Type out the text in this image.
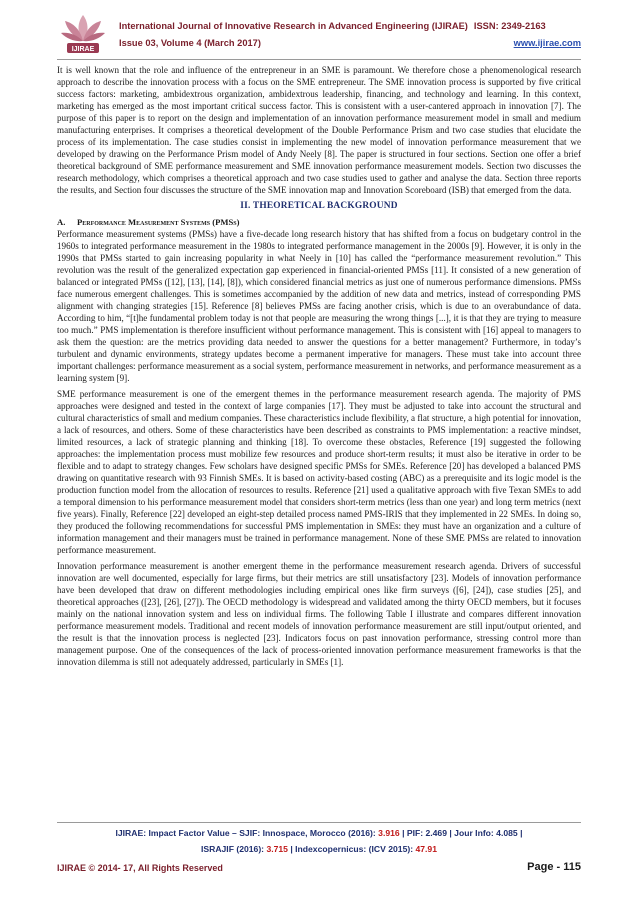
IJIRAE
International Journal of Innovative Research in Advanced Engineering (IJIRAE) ISSN: 2349-2163
Issue 03, Volume 4 (March 2017)	www.ijirae.com

It is well known that the role and influence of the entrepreneur in an SME is paramount. We therefore chose a phenomenological research approach to describe the innovation process with a focus on the SME entrepreneur. The SME innovation process is supported by five critical success factors: marketing, ambidextrous organization, ambidextrous leadership, financing, and technology and learning. In this context, marketing has emerged as the most important critical success factor. This is consistent with a user-cantered approach in innovation [7]. The purpose of this paper is to report on the design and implementation of an innovation performance measurement model in small and medium manufacturing enterprises. It comprises a theoretical development of the Double Performance Prism and two case studies that elucidate the process of its implementation. The case studies consist in implementing the new model of innovation performance measurement that we developed by drawing on the Performance Prism model of Andy Neely [8]. The paper is structured in four sections. Section one offer a brief theoretical background of SME performance measurement and SME innovation performance measurement models. Section two discusses the research methodology, which comprises a theoretical approach and two case studies used to gather and analyse the data. Section three reports the results, and Section four discusses the structure of the SME innovation map and Innovation Scoreboard (ISB) that emerged from the data.

II. THEORETICAL BACKGROUND
A. Performance Measurement Systems (PMSs)

Performance measurement systems (PMSs) have a five-decade long research history that has shifted from a focus on budgetary control in the 1960s to integrated performance measurement in the 1980s to integrated performance management in the 2000s [9]. However, it is only in the 1990s that PMSs started to gain increasing popularity in what Neely in [10] has called the “performance measurement revolution.” This revolution was the result of the generalized expectation gap experienced in financial-oriented PMSs [11]. It consisted of a new generation of balanced or integrated PMSs ([12], [13], [14], [8]), which considered financial metrics as just one of numerous performance dimensions. PMSs face numerous emergent challenges. This is sometimes accompanied by the addition of new data and metrics, instead of corresponding PMS alignment with changing strategies [15]. Reference [8] believes PMSs are facing another crisis, which is due to an overabundance of data. According to him, “[t]he fundamental problem today is not that people are measuring the wrong things [...], it is that they are trying to measure too much.” PMS implementation is therefore insufficient without performance management. This is consistent with [16] appeal to managers to ask them the question: are the metrics providing data needed to answer the questions for a better management? Furthermore, in today’s turbulent and dynamic environments, strategy updates become a permanent imperative for managers. These must take into account three important challenges: performance measurement as a social system, performance measurement in networks, and performance measurement as a learning system [9].

SME performance measurement is one of the emergent themes in the performance measurement research agenda. The majority of PMS approaches were designed and tested in the context of large companies [17]. They must be adjusted to take into account the structural and cultural characteristics of small and medium companies. These characteristics include flexibility, a flat structure, a high potential for innovation, a lack of resources, and others. Some of these characteristics have been described as constraints to PMS implementation: a reactive mindset, limited resources, a lack of strategic planning and thinking [18]. To overcome these obstacles, Reference [19] suggested the following approaches: the implementation process must mobilize few resources and produce short-term results; it must also be iterative in order to be flexible and to adapt to strategy changes. Few scholars have designed specific PMSs for SMEs. Reference [20] has developed a balanced PMS drawing on quantitative research with 93 Finnish SMEs. It is based on activity-based costing (ABC) as a prerequisite and its logic model is the production function model from the allocation of resources to results. Reference [21] used a qualitative approach with five Texan SMEs to add a temporal dimension to his performance measurement model that considers short-term metrics (less than one year) and long term metrics (next five years). Finally, Reference [22] developed an eight-step detailed process named PMS-IRIS that they implemented in 22 SMEs. In doing so, they produced the following recommendations for successful PMS implementation in SMEs: they must have an organization and a culture of information management and their managers must be trained in performance management. None of these SME PMSs are related to innovation performance measurement.

Innovation performance measurement is another emergent theme in the performance measurement research agenda. Drivers of successful innovation are well documented, especially for large firms, but their metrics are still unsatisfactory [23]. Models of innovation performance have been developed that draw on different methodologies including empirical ones like firm surveys ([6], [24]), case studies [25], and theoretical approaches ([23], [26], [27]). The OECD methodology is widespread and validated among the thirty OECD members, but it focuses mainly on the national innovation system and less on individual firms. The following Table I illustrate and compares different innovation performance measurement models. Traditional and recent models of innovation performance measurement are still input/output oriented, and the result is that the innovation process is neglected [23]. Indicators focus on past innovation performance, stressing control more than management purpose. One of the consequences of the lack of process-oriented innovation performance measurement frameworks is that the innovation dilemma is still not adequately addressed, particularly in SMEs [1].

IJIRAE: Impact Factor Value – SJIF: Innospace, Morocco (2016): 3.916 | PIF: 2.469 | Jour Info: 4.085 |
ISRAJIF (2016): 3.715 | Indexcopernicus: (ICV 2015): 47.91
IJIRAE © 2014- 17, All Rights Reserved	Page - 115
